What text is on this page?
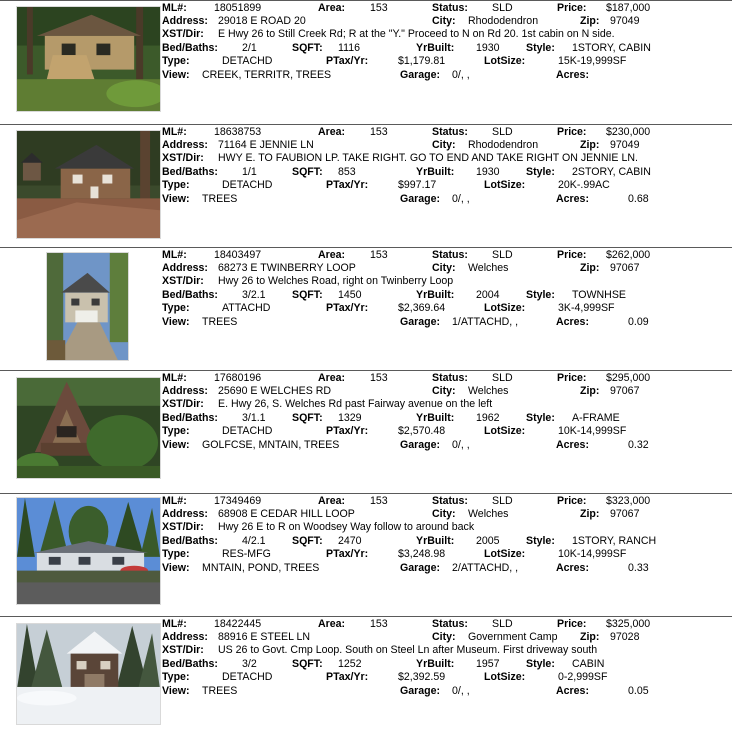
ML#:	18051899	Area: 153	Status: SLD	Price: $187,000
Address: 29018 E ROAD 20	City: Rhododendron	Zip: 97049
XST/Dir: E Hwy 26 to Still Creek Rd; R at the "Y." Proceed to N on Rd 20. 1st cabin on N side.
Bed/Baths: 2/1	SQFT: 1116	YrBuilt: 1930 Style: 1STORY, CABIN
Type:	DETACHD	PTax/Yr:	$1,179.81	LotSize:	15K-19,999SF
View: CREEK, TERRITR, TREES	Garage: 0/, ,	Acres:
ML#:	18638753	Area: 153	Status: SLD	Price: $230,000
Address: 71164 E JENNIE LN	City: Rhododendron	Zip: 97049
XST/Dir: HWY E. TO FAUBION LP. TAKE RIGHT. GO TO END AND TAKE RIGHT ON JENNIE LN.
Bed/Baths: 1/1	SQFT: 853	YrBuilt: 1930 Style: 2STORY, CABIN
Type:	DETACHD	PTax/Yr:	$997.17	LotSize:	20K-.99AC
View: TREES	Garage: 0/, ,	Acres:	0.68
ML#:	18403497	Area: 153	Status: SLD	Price: $262,000
Address: 68273 E TWINBERRY LOOP	City: Welches	Zip: 97067
XST/Dir: Hwy 26 to Welches Road, right on Twinberry Loop
Bed/Baths: 3/2.1 SQFT: 1450	YrBuilt: 2004 Style: TOWNHSE
Type:	ATTACHD	PTax/Yr:	$2,369.64	LotSize:	3K-4,999SF
View: TREES	Garage: 1/ATTACHD, ,	Acres:	0.09
ML#:	17680196	Area: 153	Status: SLD	Price: $295,000
Address: 25690 E WELCHES RD	City: Welches	Zip: 97067
XST/Dir: E. Hwy 26, S. Welches Rd past Fairway avenue on the left
Bed/Baths: 3/1.1 SQFT: 1329	YrBuilt: 1962 Style: A-FRAME
Type:	DETACHD	PTax/Yr:	$2,570.48	LotSize:	10K-14,999SF
View: GOLFCSE, MNTAIN, TREES	Garage: 0/, ,	Acres:	0.32
ML#:	17349469	Area: 153	Status: SLD	Price: $323,000
Address: 68908 E CEDAR HILL LOOP	City: Welches	Zip: 97067
XST/Dir: Hwy 26 E to R on Woodsey Way follow to around back
Bed/Baths: 4/2.1 SQFT: 2470	YrBuilt: 2005 Style: 1STORY, RANCH
Type:	RES-MFG	PTax/Yr:	$3,248.98	LotSize:	10K-14,999SF
View: MNTAIN, POND, TREES	Garage: 2/ATTACHD, ,	Acres:	0.33
ML#:	18422445	Area: 153	Status: SLD	Price: $325,000
Address: 88916 E STEEL LN	City: Government Camp Zip: 97028
XST/Dir: US 26 to Govt. Cmp Loop. South on Steel Ln after Museum. First driveway south
Bed/Baths: 3/2	SQFT: 1252	YrBuilt: 1957 Style: CABIN
Type:	DETACHD	PTax/Yr:	$2,392.59	LotSize:	0-2,999SF
View: TREES	Garage: 0/, ,	Acres:	0.05
